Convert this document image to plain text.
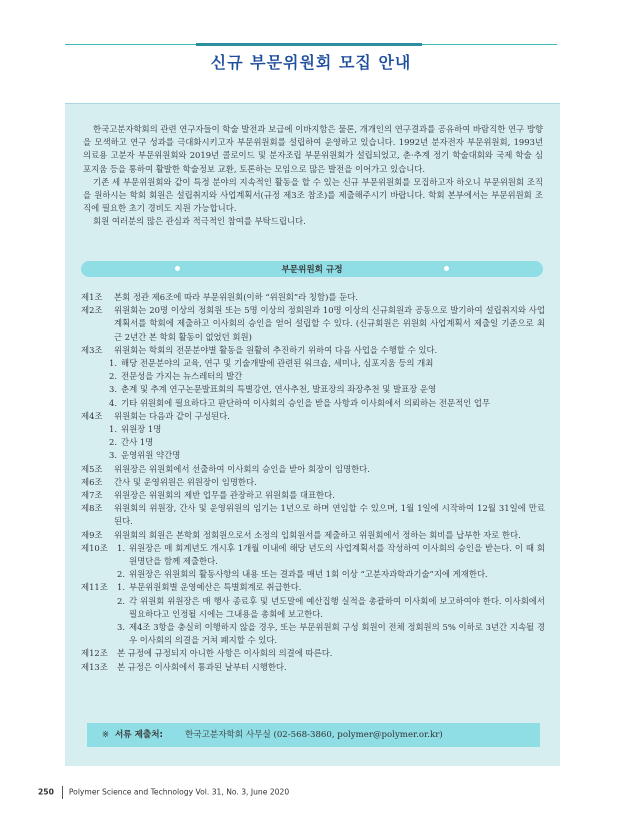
신규 부문위원회 모집 안내

한국고분자학회의 관련 연구자들이 학술 발전과 보급에 이바지함은 물론, 개개인의 연구결과를 공유하여 바람직한 연구 방향을 모색하고 연구 성과를 극대화시키고자 부문위원회를 설립하여 운영하고 있습니다. 1992년 분자전자 부문위원회, 1993년 의료용 고분자 부문위원회와 2019년 콜로이드 및 분자조립 부문위원회가 설립되었고, 춘·추계 정기 학술대회와 국제 학술 심포지움 등을 통하여 활발한 학술정보 교환, 토론하는 모임으로 많은 발전을 이어가고 있습니다.

기존 세 부문위원회와 같이 특정 분야의 지속적인 활동을 할 수 있는 신규 부문위원회를 모집하고자 하오니 부문위원회 조직을 원하시는 학회 회원은 설립취지와 사업계획서(규정 제3조 참조)를 제출해주시기 바랍니다. 학회 본부에서는 부문위원회 조직에 필요한 초기 경비도 지원 가능합니다.

회원 여러분의 많은 관심과 적극적인 참여를 부탁드립니다.

부문위원회 규정
제1조	본회 정관 제6조에 따라 부문위원회(이하 “위원회”라 칭함)를 둔다.
제2조	위원회는 20명 이상의 정회원 또는 5명 이상의 정회원과 10명 이상의 신규회원과 공동으로 발기하여 설립취지와 사업계획서를 학회에 제출하고 이사회의 승인을 얻어 설립할 수 있다. (신규회원은 위원회 사업계획서 제출일 기준으로 최근 2년간 본 학회 활동이 없었던 회원)
제3조	위원회는 학회의 전문분야별 활동을 원활히 추진하기 위하여 다음 사업을 수행할 수 있다.
1. 해당 전문분야의 교육, 연구 및 기술개발에 관련된 워크숍, 세미나, 심포지움 등의 개최
2. 전문성을 가지는 뉴스레터의 발간
3. 춘계 및 추계 연구논문발표회의 특별강연, 연사추천, 발표장의 좌장추천 및 발표장 운영
4. 기타 위원회에 필요하다고 판단하여 이사회의 승인을 받을 사항과 이사회에서 의뢰하는 전문적인 업무
제4조	위원회는 다음과 같이 구성된다.
1. 위원장 1명
2. 간사 1명
3. 운영위원 약간명
제5조	위원장은 위원회에서 선출하여 이사회의 승인을 받아 회장이 임명한다.
제6조	간사 및 운영위원은 위원장이 임명한다.
제7조	위원장은 위원회의 제반 업무를 관장하고 위원회를 대표한다.
제8조	위원회의 위원장, 간사 및 운영위원의 임기는 1년으로 하며 연임할 수 있으며, 1월 1일에 시작하여 12월 31일에 만료된다.
제9조	위원회의 회원은 본학회 정회원으로서 소정의 입회원서를 제출하고 위원회에서 정하는 회비를 납부한 자로 한다.
제10조	1. 위원장은 매 회계년도 개시후 1개월 이내에 해당 년도의 사업계획서를 작성하여 이사회의 승인을 받는다. 이 때 회원명단을 함께 제출한다.
2. 위원장은 위원회의 활동사항의 내용 또는 결과를 매년 1회 이상 “고분자과학과기술”지에 게재한다.
제11조	1. 부문위원회별 운영예산은 특별회계로 취급한다.
2. 각 위원회 위원장은 매 행사 종료후 및 년도말에 예산집행 실적을 총괄하여 이사회에 보고하여야 한다. 이사회에서 필요하다고 인정될 시에는 그내용을 총회에 보고한다.
3. 제4조 3항을 충실히 이행하지 않을 경우, 또는 부문위원회 구성 회원이 전체 정회원의 5% 이하로 3년간 지속될 경우 이사회의 의결을 거쳐 폐지할 수 있다.
제12조	본 규정에 규정되지 아니한 사항은 이사회의 의결에 따른다.
제13조	본 규정은 이사회에서 통과된 날부터 시행한다.
※ 서류 제출처:	한국고분자학회 사무실 (02-568-3860, polymer@polymer.or.kr)
250 Polymer Science and Technology Vol. 31, No. 3, June 2020
